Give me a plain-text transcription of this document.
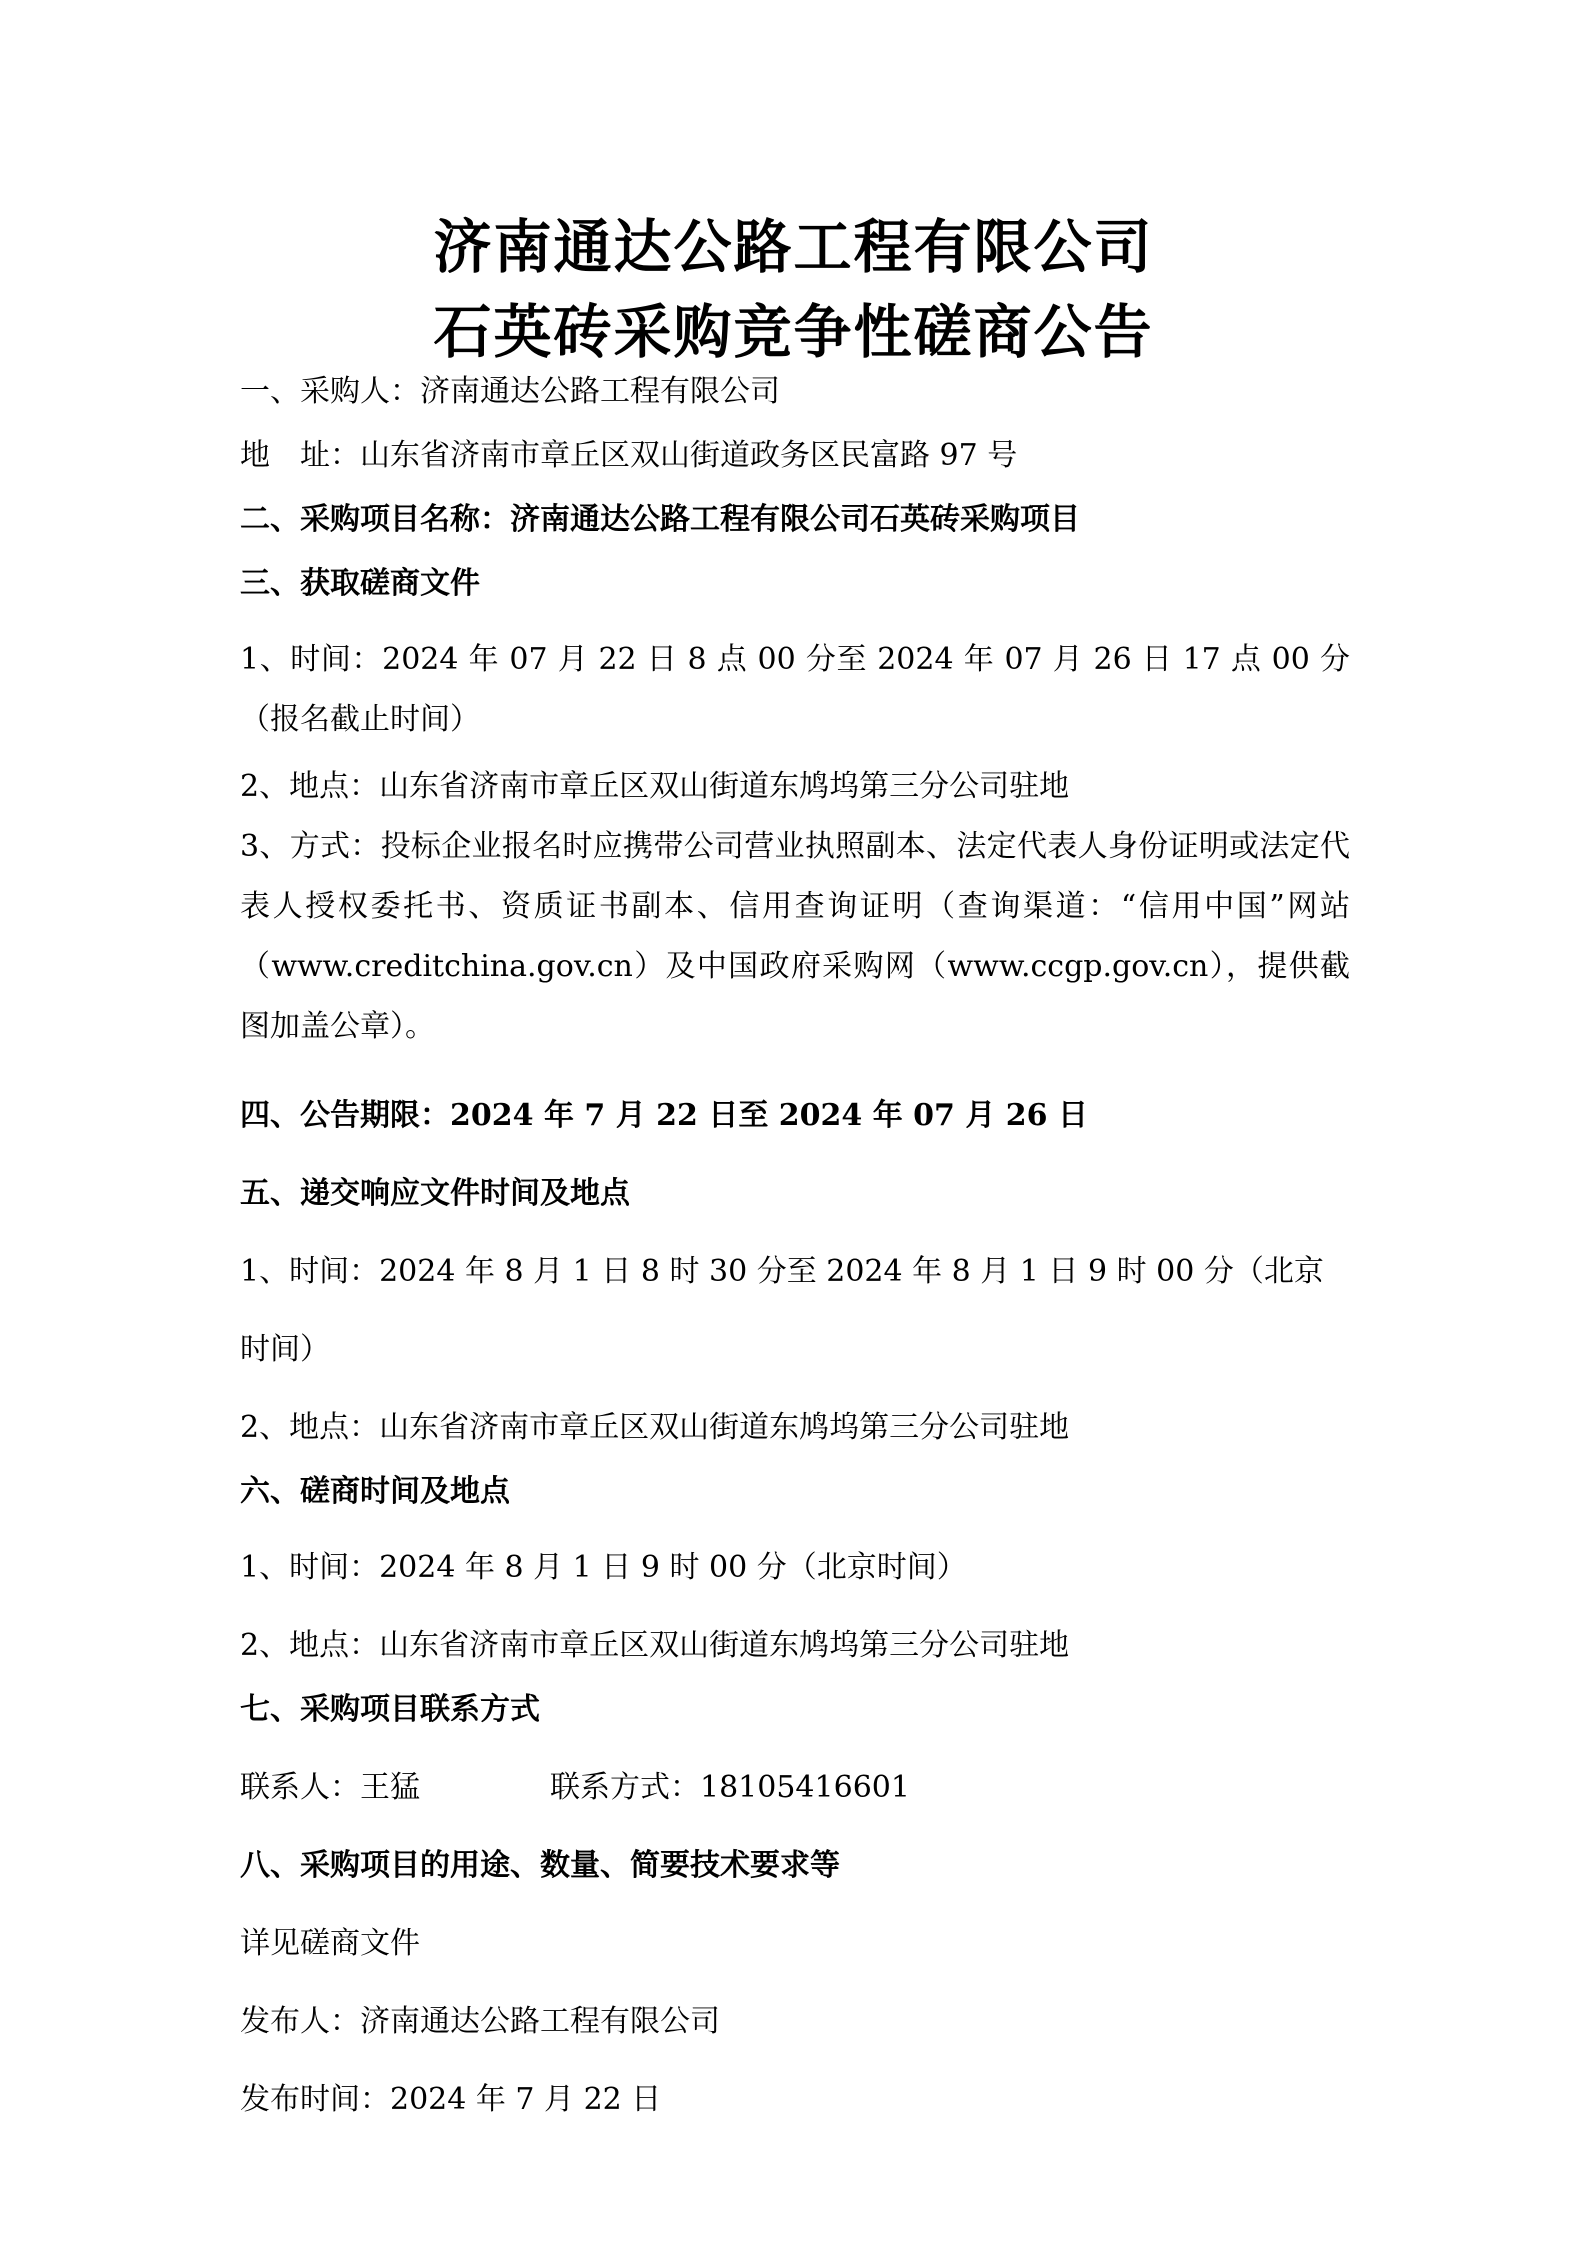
济南通达公路工程有限公司
石英砖采购竞争性磋商公告
一、采购人：济南通达公路工程有限公司
地　址：山东省济南市章丘区双山街道政务区民富路 97 号
二、采购项目名称：济南通达公路工程有限公司石英砖采购项目
三、获取磋商文件
1、时间：2024 年 07 月 22 日 8 点 00 分至 2024 年 07 月 26 日 17 点 00 分（报名截止时间）
2、地点：山东省济南市章丘区双山街道东鸠坞第三分公司驻地
3、方式：投标企业报名时应携带公司营业执照副本、法定代表人身份证明或法定代表人授权委托书、资质证书副本、信用查询证明（查询渠道：“信用中国”网站（www.creditchina.gov.cn）及中国政府采购网（www.ccgp.gov.cn），提供截图加盖公章）。
四、公告期限：2024 年 7 月 22 日至 2024 年 07 月 26 日
五、递交响应文件时间及地点
1、时间：2024 年 8 月 1 日 8 时 30 分至 2024 年 8 月 1 日 9 时 00 分（北京
时间）
2、地点：山东省济南市章丘区双山街道东鸠坞第三分公司驻地
六、磋商时间及地点
1、时间：2024 年 8 月 1 日 9 时 00 分（北京时间）
2、地点：山东省济南市章丘区双山街道东鸠坞第三分公司驻地
七、采购项目联系方式
联系人：王猛	联系方式：18105416601
八、采购项目的用途、数量、简要技术要求等
详见磋商文件
发布人：济南通达公路工程有限公司
发布时间：2024 年 7 月 22 日
